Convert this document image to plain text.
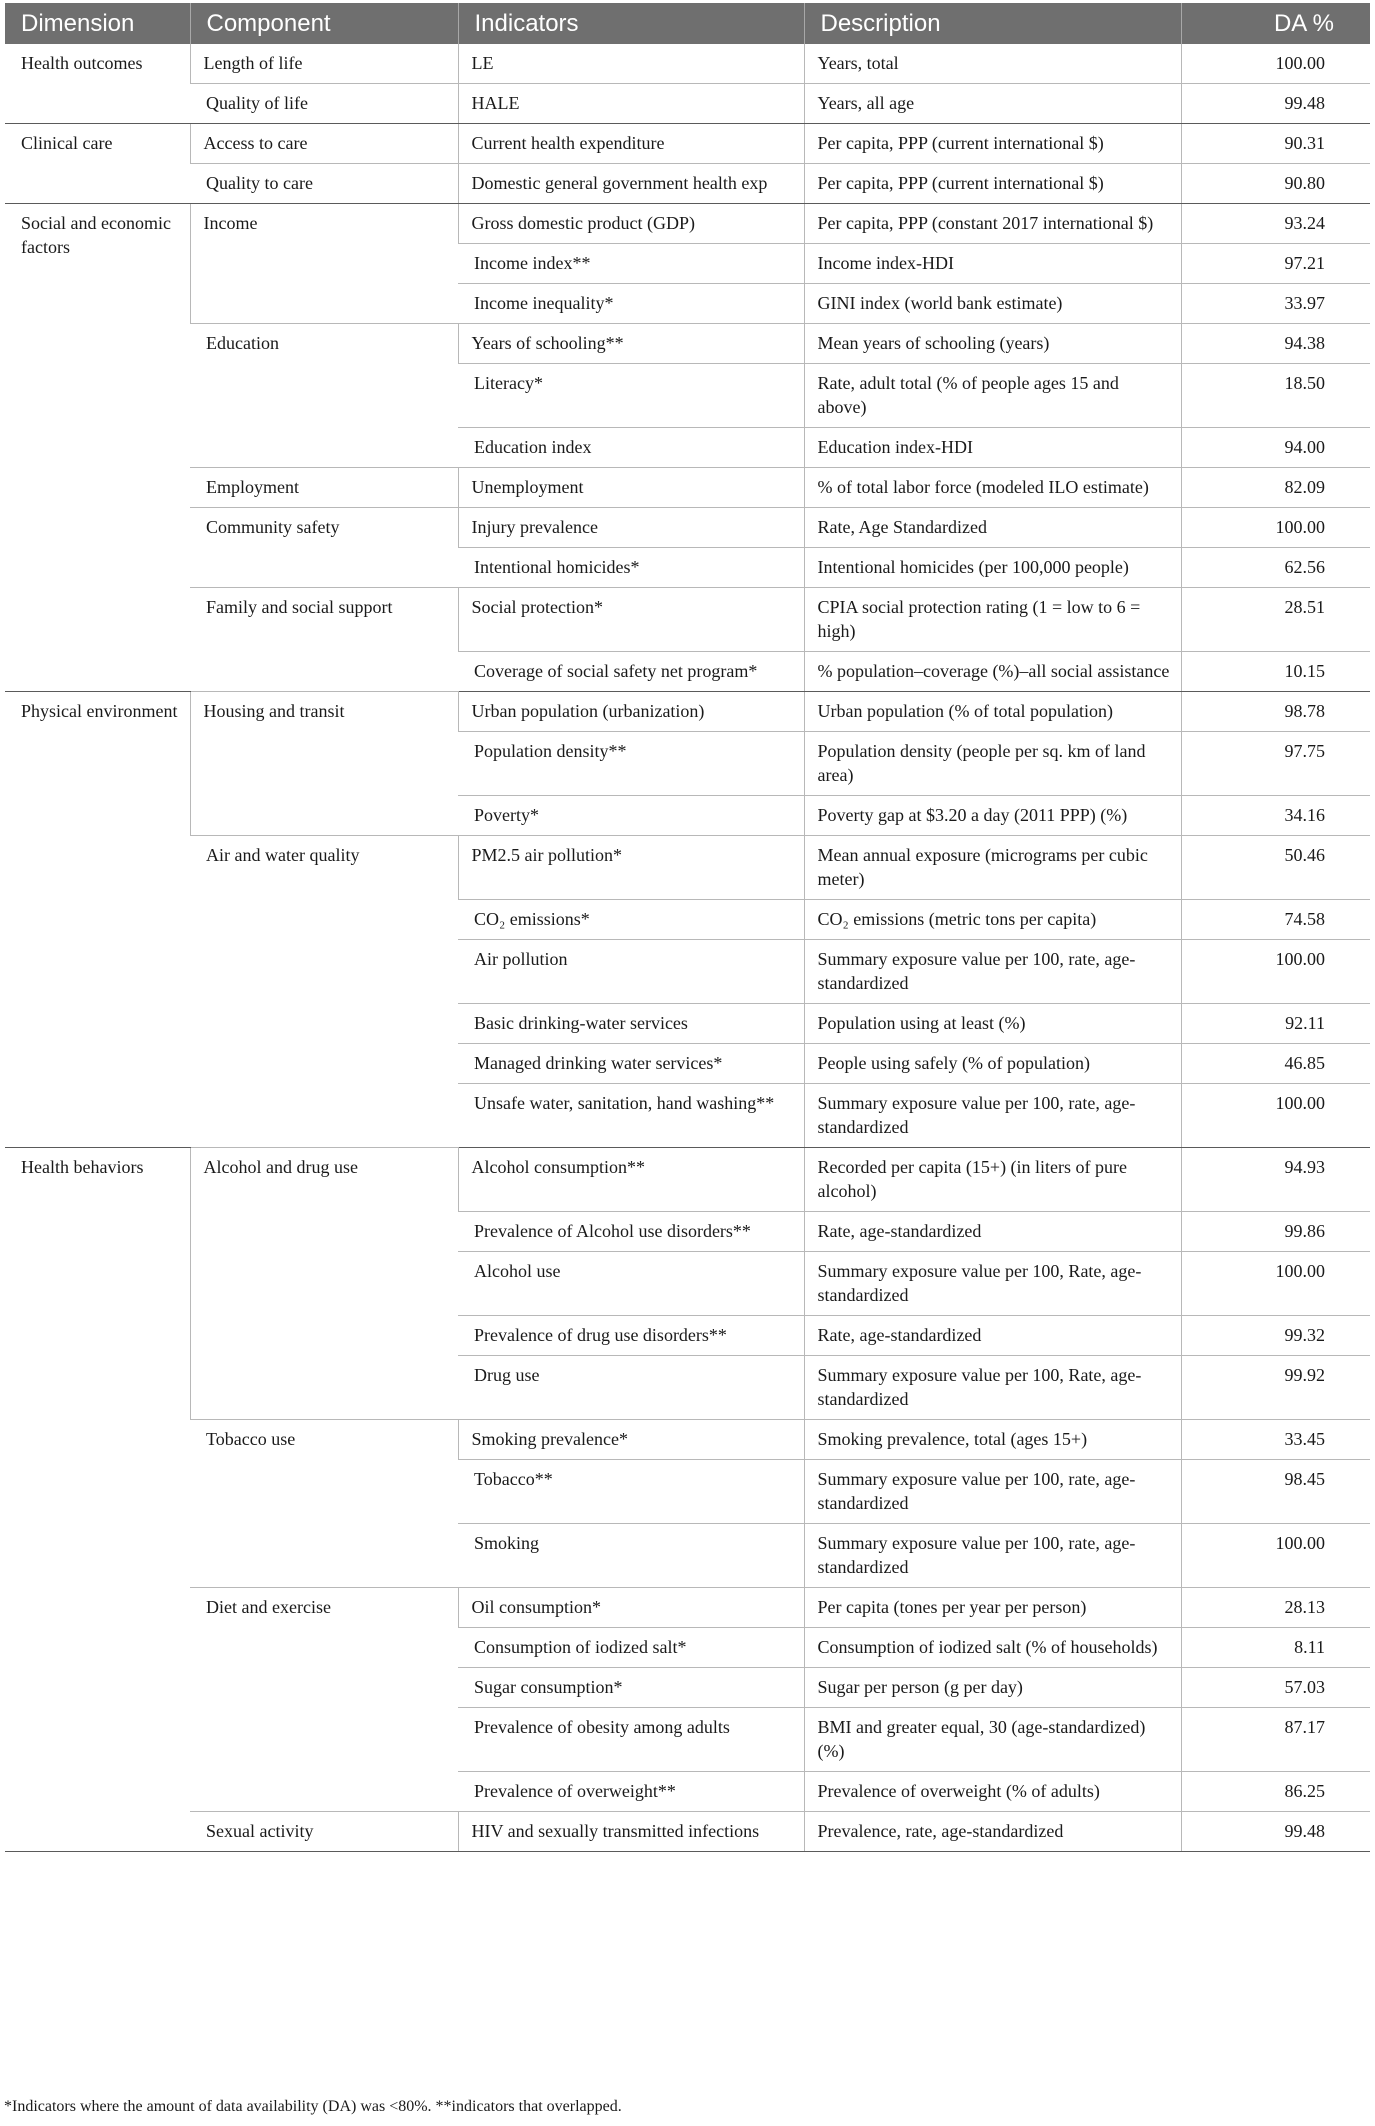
Dimension	Component	Indicators	Description	DA %
Health outcomes	Length of life	LE	Years, total	100.00
	Quality of life	HALE	Years, all age	99.48
Clinical care	Access to care	Current health expenditure	Per capita, PPP (current international $)	90.31
	Quality to care	Domestic general government health exp	Per capita, PPP (current international $)	90.80
Social and economic factors	Income	Gross domestic product (GDP)	Per capita, PPP (constant 2017 international $)	93.24
		Income index**	Income index-HDI	97.21
		Income inequality*	GINI index (world bank estimate)	33.97
	Education	Years of schooling**	Mean years of schooling (years)	94.38
		Literacy*	Rate, adult total (% of people ages 15 and above)	18.50
		Education index	Education index-HDI	94.00
	Employment	Unemployment	% of total labor force (modeled ILO estimate)	82.09
	Community safety	Injury prevalence	Rate, Age Standardized	100.00
		Intentional homicides*	Intentional homicides (per 100,000 people)	62.56
	Family and social support	Social protection*	CPIA social protection rating (1 = low to 6 = high)	28.51
		Coverage of social safety net program*	% population–coverage (%)–all social assistance	10.15
Physical environment	Housing and transit	Urban population (urbanization)	Urban population (% of total population)	98.78
		Population density**	Population density (people per sq. km of land area)	97.75
		Poverty*	Poverty gap at $3.20 a day (2011 PPP) (%)	34.16
	Air and water quality	PM2.5 air pollution*	Mean annual exposure (micrograms per cubic meter)	50.46
		CO₂ emissions*	CO₂ emissions (metric tons per capita)	74.58
		Air pollution	Summary exposure value per 100, rate, age-standardized	100.00
		Basic drinking-water services	Population using at least (%)	92.11
		Managed drinking water services*	People using safely (% of population)	46.85
		Unsafe water, sanitation, hand washing**	Summary exposure value per 100, rate, age-standardized	100.00
Health behaviors	Alcohol and drug use	Alcohol consumption**	Recorded per capita (15+) (in liters of pure alcohol)	94.93
		Prevalence of Alcohol use disorders**	Rate, age-standardized	99.86
		Alcohol use	Summary exposure value per 100, Rate, age-standardized	100.00
		Prevalence of drug use disorders**	Rate, age-standardized	99.32
		Drug use	Summary exposure value per 100, Rate, age-standardized	99.92
	Tobacco use	Smoking prevalence*	Smoking prevalence, total (ages 15+)	33.45
		Tobacco**	Summary exposure value per 100, rate, age-standardized	98.45
		Smoking	Summary exposure value per 100, rate, age-standardized	100.00
	Diet and exercise	Oil consumption*	Per capita (tones per year per person)	28.13
		Consumption of iodized salt*	Consumption of iodized salt (% of households)	8.11
		Sugar consumption*	Sugar per person (g per day)	57.03
		Prevalence of obesity among adults	BMI and greater equal, 30 (age-standardized) (%)	87.17
		Prevalence of overweight**	Prevalence of overweight (% of adults)	86.25
	Sexual activity	HIV and sexually transmitted infections	Prevalence, rate, age-standardized	99.48
*Indicators where the amount of data availability (DA) was <80%. **indicators that overlapped.
